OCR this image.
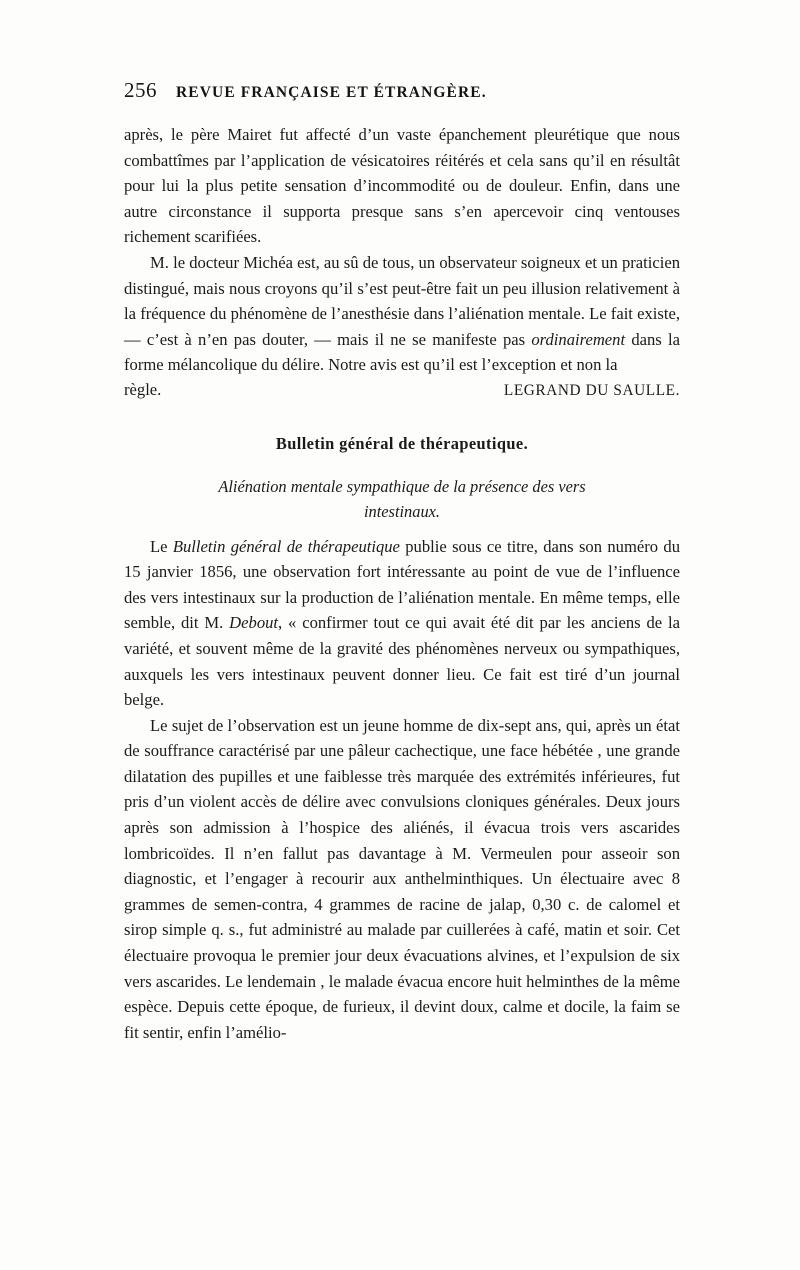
256	REVUE FRANÇAISE ET ÉTRANGÈRE.

après, le père Mairet fut affecté d’un vaste épanchement pleurétique que nous combattîmes par l’application de vésicatoires réitérés et cela sans qu’il en résultât pour lui la plus petite sensation d’incommodité ou de douleur. Enfin, dans une autre circonstance il supporta presque sans s’en apercevoir cinq ventouses richement scarifiées.

M. le docteur Michéa est, au sû de tous, un observateur soigneux et un praticien distingué, mais nous croyons qu’il s’est peut-être fait un peu illusion relativement à la fréquence du phénomène de l’anesthésie dans l’aliénation mentale. Le fait existe, — c’est à n’en pas douter, — mais il ne se manifeste pas ordinairement dans la forme mélancolique du délire. Notre avis est qu’il est l’exception et non la

règle.	LEGRAND DU SAULLE.
Bulletin général de thérapeutique.
Aliénation mentale sympathique de la présence des vers
intestinaux.

Le Bulletin général de thérapeutique publie sous ce titre, dans son numéro du 15 janvier 1856, une observation fort intéressante au point de vue de l’influence des vers intestinaux sur la production de l’aliénation mentale. En même temps, elle semble, dit M. Debout, « confirmer tout ce qui avait été dit par les anciens de la variété, et souvent même de la gravité des phénomènes nerveux ou sympathiques, auxquels les vers intestinaux peuvent donner lieu. Ce fait est tiré d’un journal belge.

Le sujet de l’observation est un jeune homme de dix-sept ans, qui, après un état de souffrance caractérisé par une pâleur cachectique, une face hébétée , une grande dilatation des pupilles et une faiblesse très marquée des extrémités inférieures, fut pris d’un violent accès de délire avec convulsions cloniques générales. Deux jours après son admission à l’hospice des aliénés, il évacua trois vers ascarides lombricoïdes. Il n’en fallut pas davantage à M. Vermeulen pour asseoir son diagnostic, et l’engager à recourir aux anthelminthiques. Un électuaire avec 8 grammes de semen-contra, 4 grammes de racine de jalap, 0,30 c. de calomel et sirop simple q. s., fut administré au malade par cuillerées à café, matin et soir. Cet électuaire provoqua le premier jour deux évacuations alvines, et l’expulsion de six vers ascarides. Le lendemain , le malade évacua encore huit helminthes de la même espèce. Depuis cette époque, de furieux, il devint doux, calme et docile, la faim se fit sentir, enfin l’amélio-
